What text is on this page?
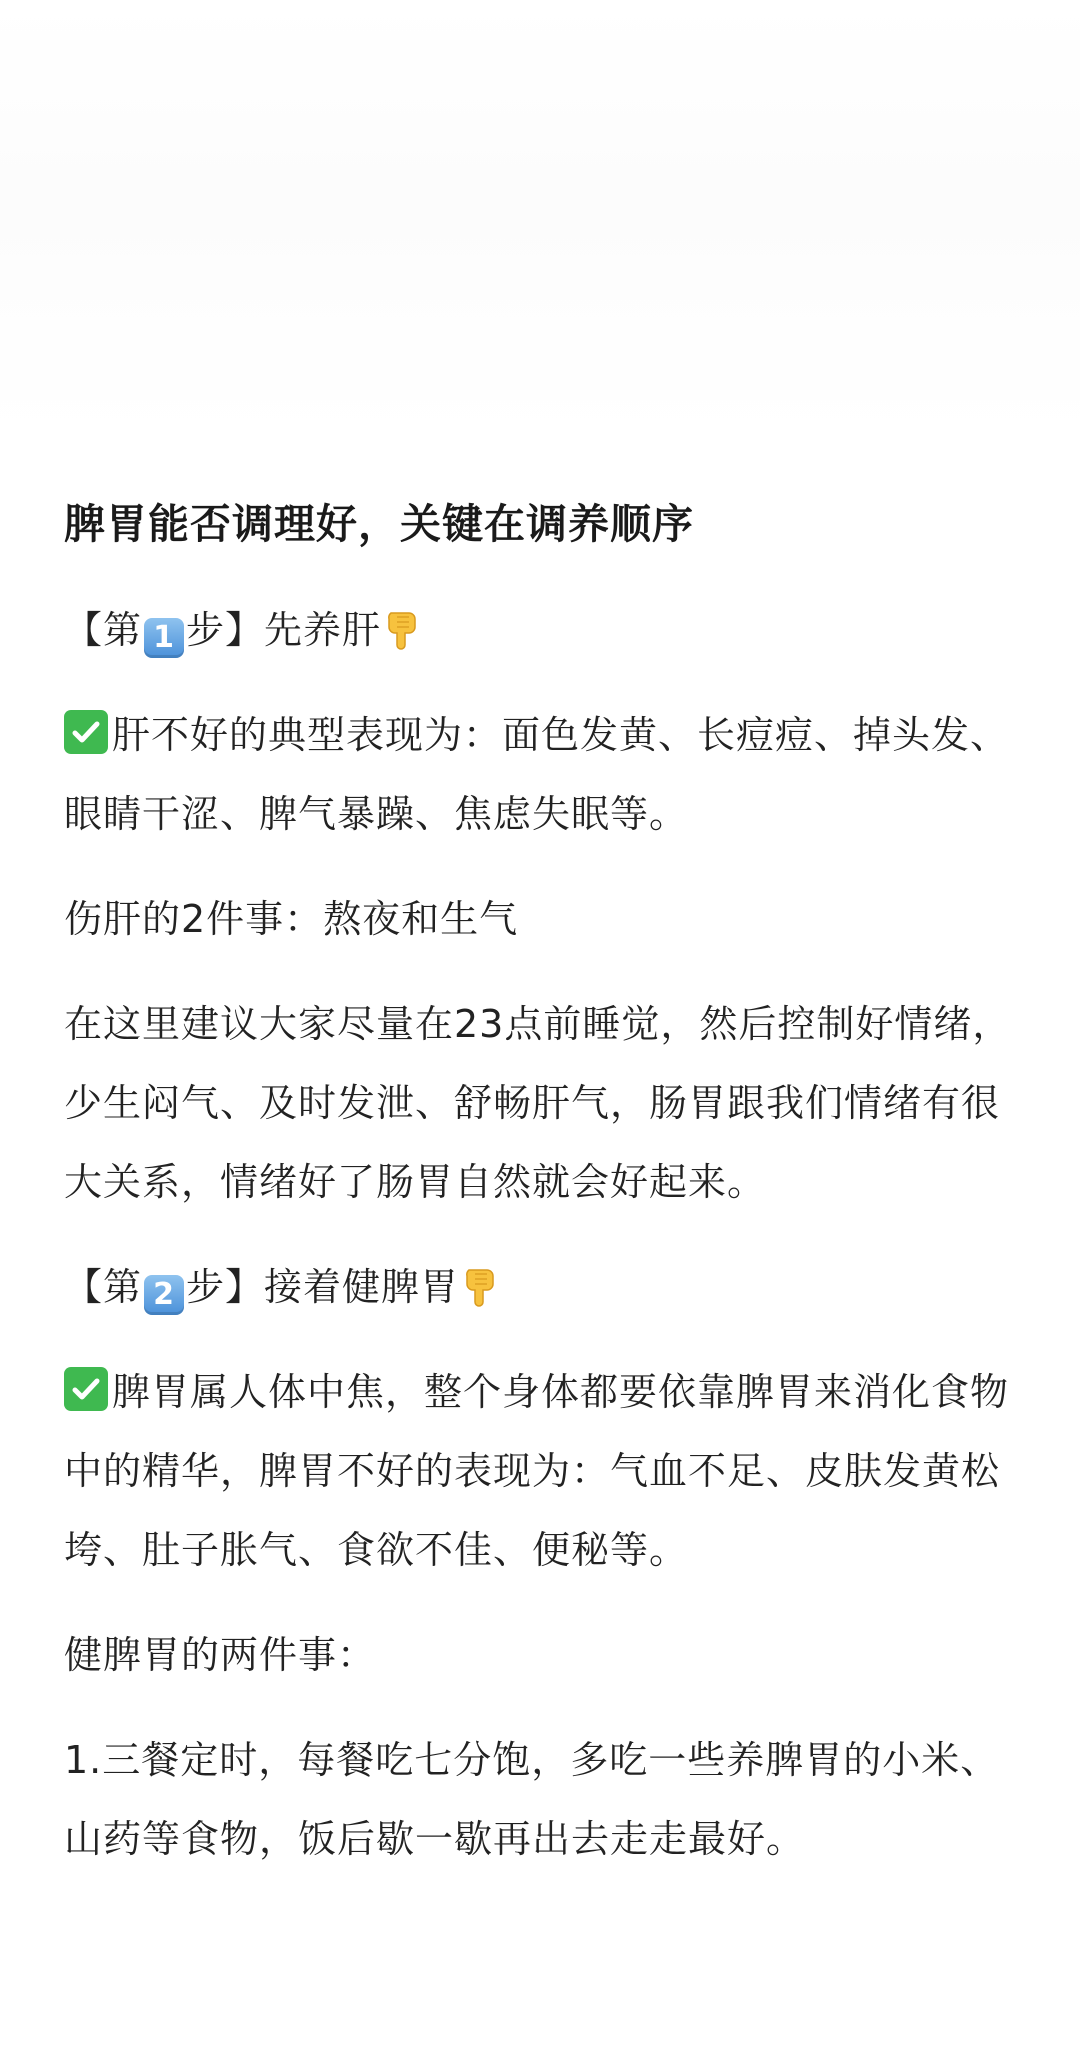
脾胃能否调理好，关键在调养顺序
【第 1 步】先养肝
肝不好的典型表现为：面色发黄、长痘痘、掉头发、眼睛干涩、脾气暴躁、焦虑失眠等。
伤肝的2件事：熬夜和生气
在这里建议大家尽量在23点前睡觉，然后控制好情绪，少生闷气、及时发泄、舒畅肝气，肠胃跟我们情绪有很大关系，情绪好了肠胃自然就会好起来。
【第 2 步】接着健脾胃
脾胃属人体中焦，整个身体都要依靠脾胃来消化食物中的精华，脾胃不好的表现为：气血不足、皮肤发黄松垮、肚子胀气、食欲不佳、便秘等。
健脾胃的两件事：
1.三餐定时，每餐吃七分饱，多吃一些养脾胃的小米、山药等食物，饭后歇一歇再出去走走最好。
